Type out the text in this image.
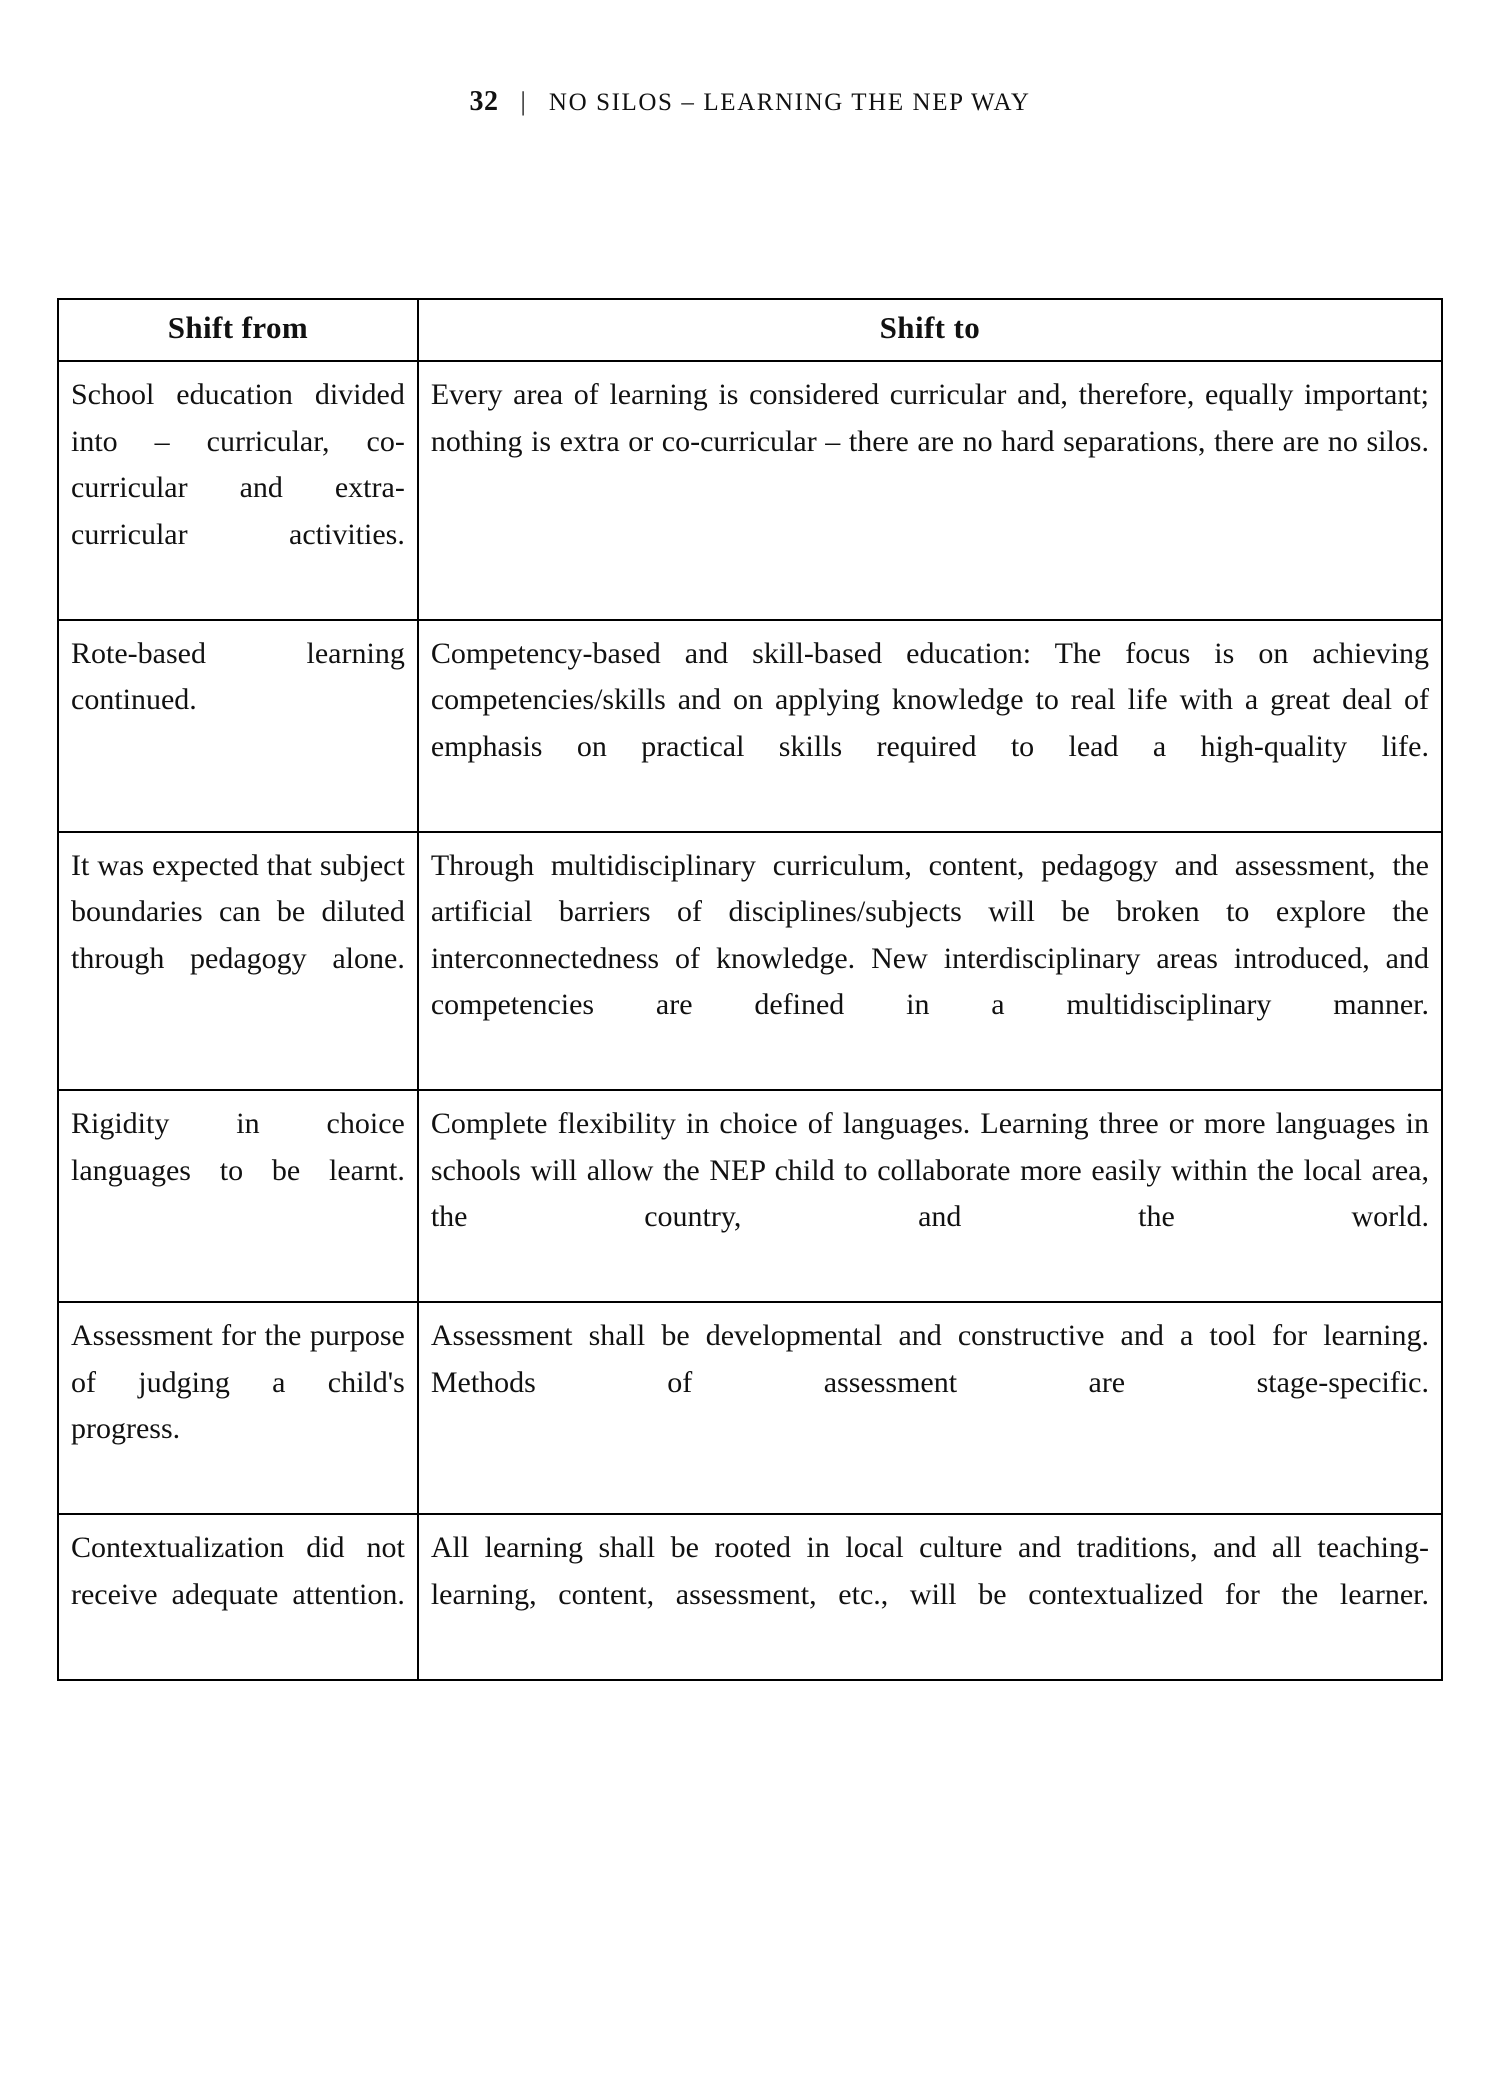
32 | NO SILOS – LEARNING THE NEP WAY
Shift from	Shift to

School education divided into – curricular, co-curricular and extra-curricular activities.	Every area of learning is considered curricular and, therefore, equally important; nothing is extra or co-curricular – there are no hard separations, there are no silos.

Rote-based learning continued.	Competency-based and skill-based education: The focus is on achieving competencies/skills and on applying knowledge to real life with a great deal of emphasis on practical skills required to lead a high-quality life.

It was expected that subject boundaries can be diluted through pedagogy alone.	Through multidisciplinary curriculum, content, pedagogy and assessment, the artificial barriers of disciplines/subjects will be broken to explore the interconnectedness of knowledge. New interdisciplinary areas introduced, and competencies are defined in a multidisciplinary manner.

Rigidity in choice languages to be learnt.	Complete flexibility in choice of languages. Learning three or more languages in schools will allow the NEP child to collaborate more easily within the local area, the country, and the world.

Assessment for the purpose of judging a child's progress.	Assessment shall be developmental and constructive and a tool for learning. Methods of assessment are stage-specific.

Contextualization did not receive adequate attention.	All learning shall be rooted in local culture and traditions, and all teaching-learning, content, assessment, etc., will be contextualized for the learner.
